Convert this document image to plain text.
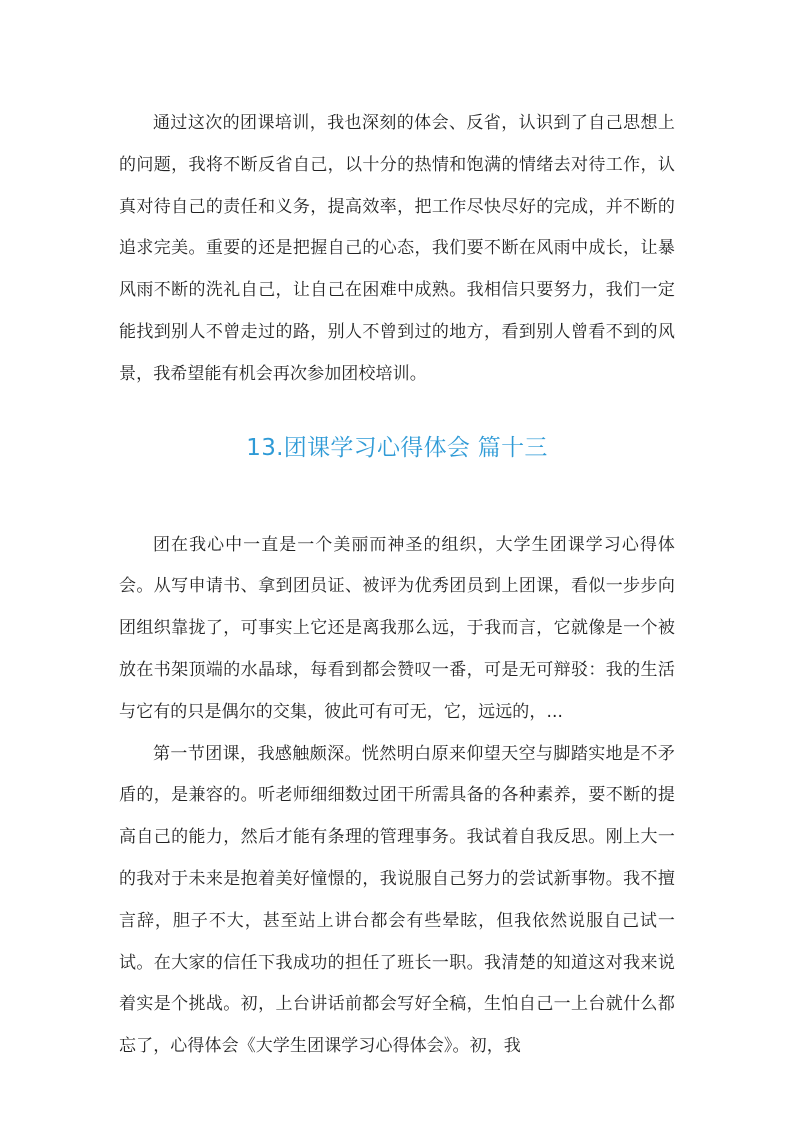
通过这次的团课培训，我也深刻的体会、反省，认识到了自己思想上的问题，我将不断反省自己，以十分的热情和饱满的情绪去对待工作，认真对待自己的责任和义务，提高效率，把工作尽快尽好的完成，并不断的追求完美。重要的还是把握自己的心态，我们要不断在风雨中成长，让暴风雨不断的洗礼自己，让自己在困难中成熟。我相信只要努力，我们一定能找到别人不曾走过的路，别人不曾到过的地方，看到别人曾看不到的风景，我希望能有机会再次参加团校培训。

13.团课学习心得体会 篇十三

团在我心中一直是一个美丽而神圣的组织，大学生团课学习心得体会。从写申请书、拿到团员证、被评为优秀团员到上团课，看似一步步向团组织靠拢了，可事实上它还是离我那么远，于我而言，它就像是一个被放在书架顶端的水晶球，每看到都会赞叹一番，可是无可辩驳：我的生活与它有的只是偶尔的交集，彼此可有可无，它，远远的，...

第一节团课，我感触颇深。恍然明白原来仰望天空与脚踏实地是不矛盾的，是兼容的。听老师细细数过团干所需具备的各种素养，要不断的提高自己的能力，然后才能有条理的管理事务。我试着自我反思。刚上大一的我对于未来是抱着美好憧憬的，我说服自己努力的尝试新事物。我不擅言辞，胆子不大，甚至站上讲台都会有些晕眩，但我依然说服自己试一试。在大家的信任下我成功的担任了班长一职。我清楚的知道这对我来说着实是个挑战。初，上台讲话前都会写好全稿，生怕自己一上台就什么都忘了，心得体会《大学生团课学习心得体会》。初，我
